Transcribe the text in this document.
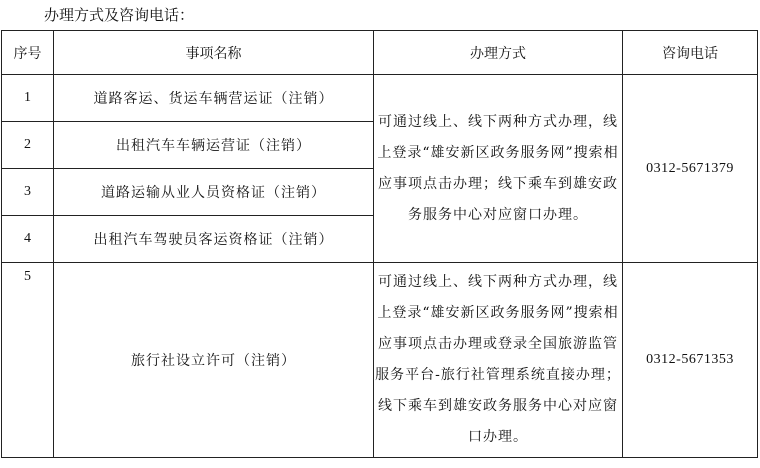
办理方式及咨询电话：
序号	事项名称	办理方式	咨询电话
1	道路客运、货运车辆营运证（注销）	可通过线上、线下两种方式办理，线上登录“雄安新区政务服务网”搜索相应事项点击办理；线下乘车到雄安政务服务中心对应窗口办理。	0312-5671379
2	出租汽车车辆运营证（注销）		
3	道路运输从业人员资格证（注销）		
4	出租汽车驾驶员客运资格证（注销）		
5	旅行社设立许可（注销）	可通过线上、线下两种方式办理，线上登录“雄安新区政务服务网”搜索相应事项点击办理或登录全国旅游监管服务平台-旅行社管理系统直接办理；线下乘车到雄安政务服务中心对应窗口办理。	0312-5671353
